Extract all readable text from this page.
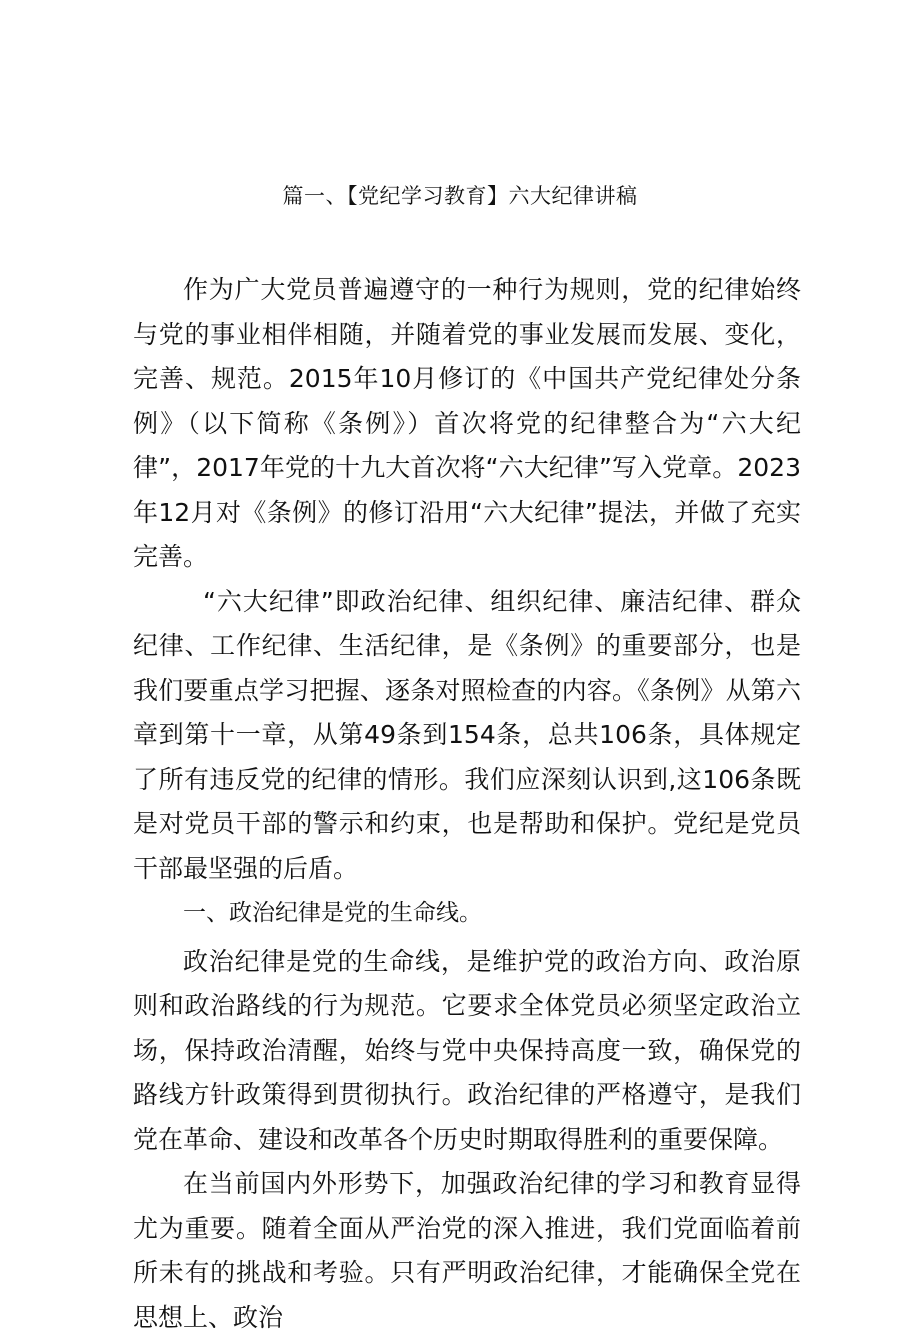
篇一、【党纪学习教育】六大纪律讲稿

作为广大党员普遍遵守的一种行为规则，党的纪律始终与党的事业相伴相随，并随着党的事业发展而发展、变化，完善、规范。2015年10月修订的《中国共产党纪律处分条例》（以下简称《条例》）首次将党的纪律整合为“六大纪律”，2017年党的十九大首次将“六大纪律”写入党章。2023年12月对《条例》的修订沿用“六大纪律”提法，并做了充实完善。

“六大纪律”即政治纪律、组织纪律、廉洁纪律、群众纪律、工作纪律、生活纪律，是《条例》的重要部分，也是我们要重点学习把握、逐条对照检查的内容。《条例》从第六章到第十一章，从第49条到154条，总共106条，具体规定了所有违反党的纪律的情形。我们应深刻认识到,这106条既是对党员干部的警示和约束，也是帮助和保护。党纪是党员干部最坚强的后盾。

一、政治纪律是党的生命线。

政治纪律是党的生命线，是维护党的政治方向、政治原则和政治路线的行为规范。它要求全体党员必须坚定政治立场，保持政治清醒，始终与党中央保持高度一致，确保党的路线方针政策得到贯彻执行。政治纪律的严格遵守，是我们党在革命、建设和改革各个历史时期取得胜利的重要保障。

在当前国内外形势下，加强政治纪律的学习和教育显得尤为重要。随着全面从严治党的深入推进，我们党面临着前所未有的挑战和考验。只有严明政治纪律，才能确保全党在思想上、政治
